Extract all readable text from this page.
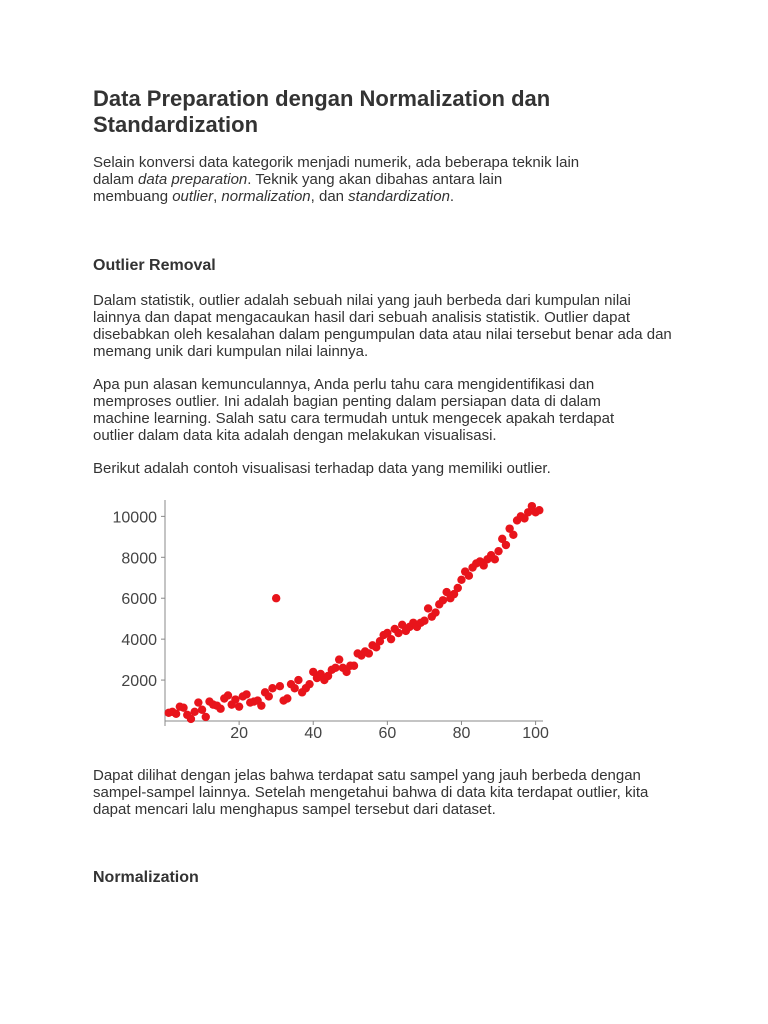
Data Preparation dengan Normalization dan Standardization

Selain konversi data kategorik menjadi numerik, ada beberapa teknik lain
dalam data preparation. Teknik yang akan dibahas antara lain
membuang outlier, normalization, dan standardization.

Outlier Removal

Dalam statistik, outlier adalah sebuah nilai yang jauh berbeda dari kumpulan nilai lainnya dan dapat mengacaukan hasil dari sebuah analisis statistik. Outlier dapat disebabkan oleh kesalahan dalam pengumpulan data atau nilai tersebut benar ada dan memang unik dari kumpulan nilai lainnya.

Apa pun alasan kemunculannya, Anda perlu tahu cara mengidentifikasi dan memproses outlier. Ini adalah bagian penting dalam persiapan data di dalam machine learning. Salah satu cara termudah untuk mengecek apakah terdapat outlier dalam data kita adalah dengan melakukan visualisasi.

Berikut adalah contoh visualisasi terhadap data yang memiliki outlier.

Dapat dilihat dengan jelas bahwa terdapat satu sampel yang jauh berbeda dengan sampel-sampel lainnya. Setelah mengetahui bahwa di data kita terdapat outlier, kita dapat mencari lalu menghapus sampel tersebut dari dataset.

Normalization
20	40	60	80	100
2000
4000
6000
8000
10000
